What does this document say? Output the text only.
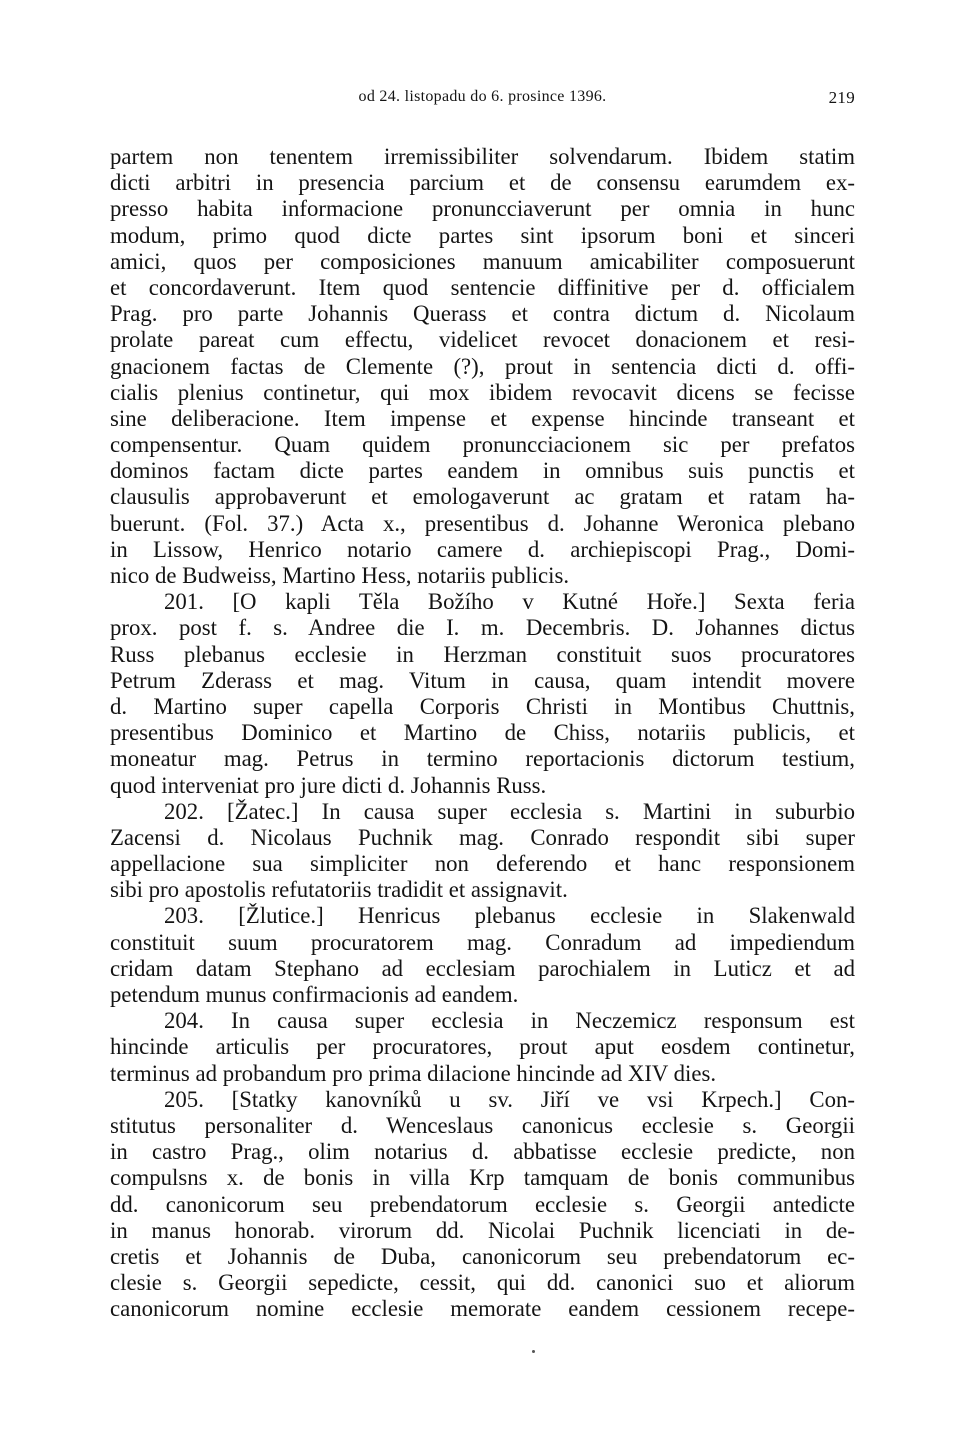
od 24. listopadu do 6. prosince 1396.	219
partem non tenentem irremissibiliter solvendarum. Ibidem statim
dicti arbitri in presencia parcium et de consensu earumdem ex-
presso habita informacione pronuncciaverunt per omnia in hunc
modum, primo quod dicte partes sint ipsorum boni et sinceri
amici, quos per composiciones manuum amicabiliter composuerunt
et concordaverunt. Item quod sentencie diffinitive per d. officialem
Prag. pro parte Johannis Querass et contra dictum d. Nicolaum
prolate pareat cum effectu, videlicet revocet donacionem et resi-
gnacionem factas de Clemente (?), prout in sentencia dicti d. offi-
cialis plenius continetur, qui mox ibidem revocavit dicens se fecisse
sine deliberacione. Item impense et expense hincinde transeant et
compensentur. Quam quidem pronuncciacionem sic per prefatos
dominos factam dicte partes eandem in omnibus suis punctis et
clausulis approbaverunt et emologaverunt ac gratam et ratam ha-
buerunt. (Fol. 37.) Acta x., presentibus d. Johanne Weronica plebano
in Lissow, Henrico notario camere d. archiepiscopi Prag., Domi-
nico de Budweiss, Martino Hess, notariis publicis.
201. [O kapli Těla Božího v Kutné Hoře.] Sexta feria
prox. post f. s. Andree die I. m. Decembris. D. Johannes dictus
Russ plebanus ecclesie in Herzman constituit suos procuratores
Petrum Zderass et mag. Vitum in causa, quam intendit movere
d. Martino super capella Corporis Christi in Montibus Chuttnis,
presentibus Dominico et Martino de Chiss, notariis publicis, et
moneatur mag. Petrus in termino reportacionis dictorum testium,
quod interveniat pro jure dicti d. Johannis Russ.
202. [Žatec.] In causa super ecclesia s. Martini in suburbio
Zacensi d. Nicolaus Puchnik mag. Conrado respondit sibi super
appellacione sua simpliciter non deferendo et hanc responsionem
sibi pro apostolis refutatoriis tradidit et assignavit.
203. [Žlutice.] Henricus plebanus ecclesie in Slakenwald
constituit suum procuratorem mag. Conradum ad impediendum
cridam datam Stephano ad ecclesiam parochialem in Luticz et ad
petendum munus confirmacionis ad eandem.
204. In causa super ecclesia in Neczemicz responsum est
hincinde articulis per procuratores, prout aput eosdem continetur,
terminus ad probandum pro prima dilacione hincinde ad XIV dies.
205. [Statky kanovníků u sv. Jiří ve vsi Krpech.] Con-
stitutus personaliter d. Wenceslaus canonicus ecclesie s. Georgii
in castro Prag., olim notarius d. abbatisse ecclesie predicte, non
compulsns x. de bonis in villa Krp tamquam de bonis communibus
dd. canonicorum seu prebendatorum ecclesie s. Georgii antedicte
in manus honorab. virorum dd. Nicolai Puchnik licenciati in de-
cretis et Johannis de Duba, canonicorum seu prebendatorum ec-
clesie s. Georgii sepedicte, cessit, qui dd. canonici suo et aliorum
canonicorum nomine ecclesie memorate eandem cessionem recepe-
